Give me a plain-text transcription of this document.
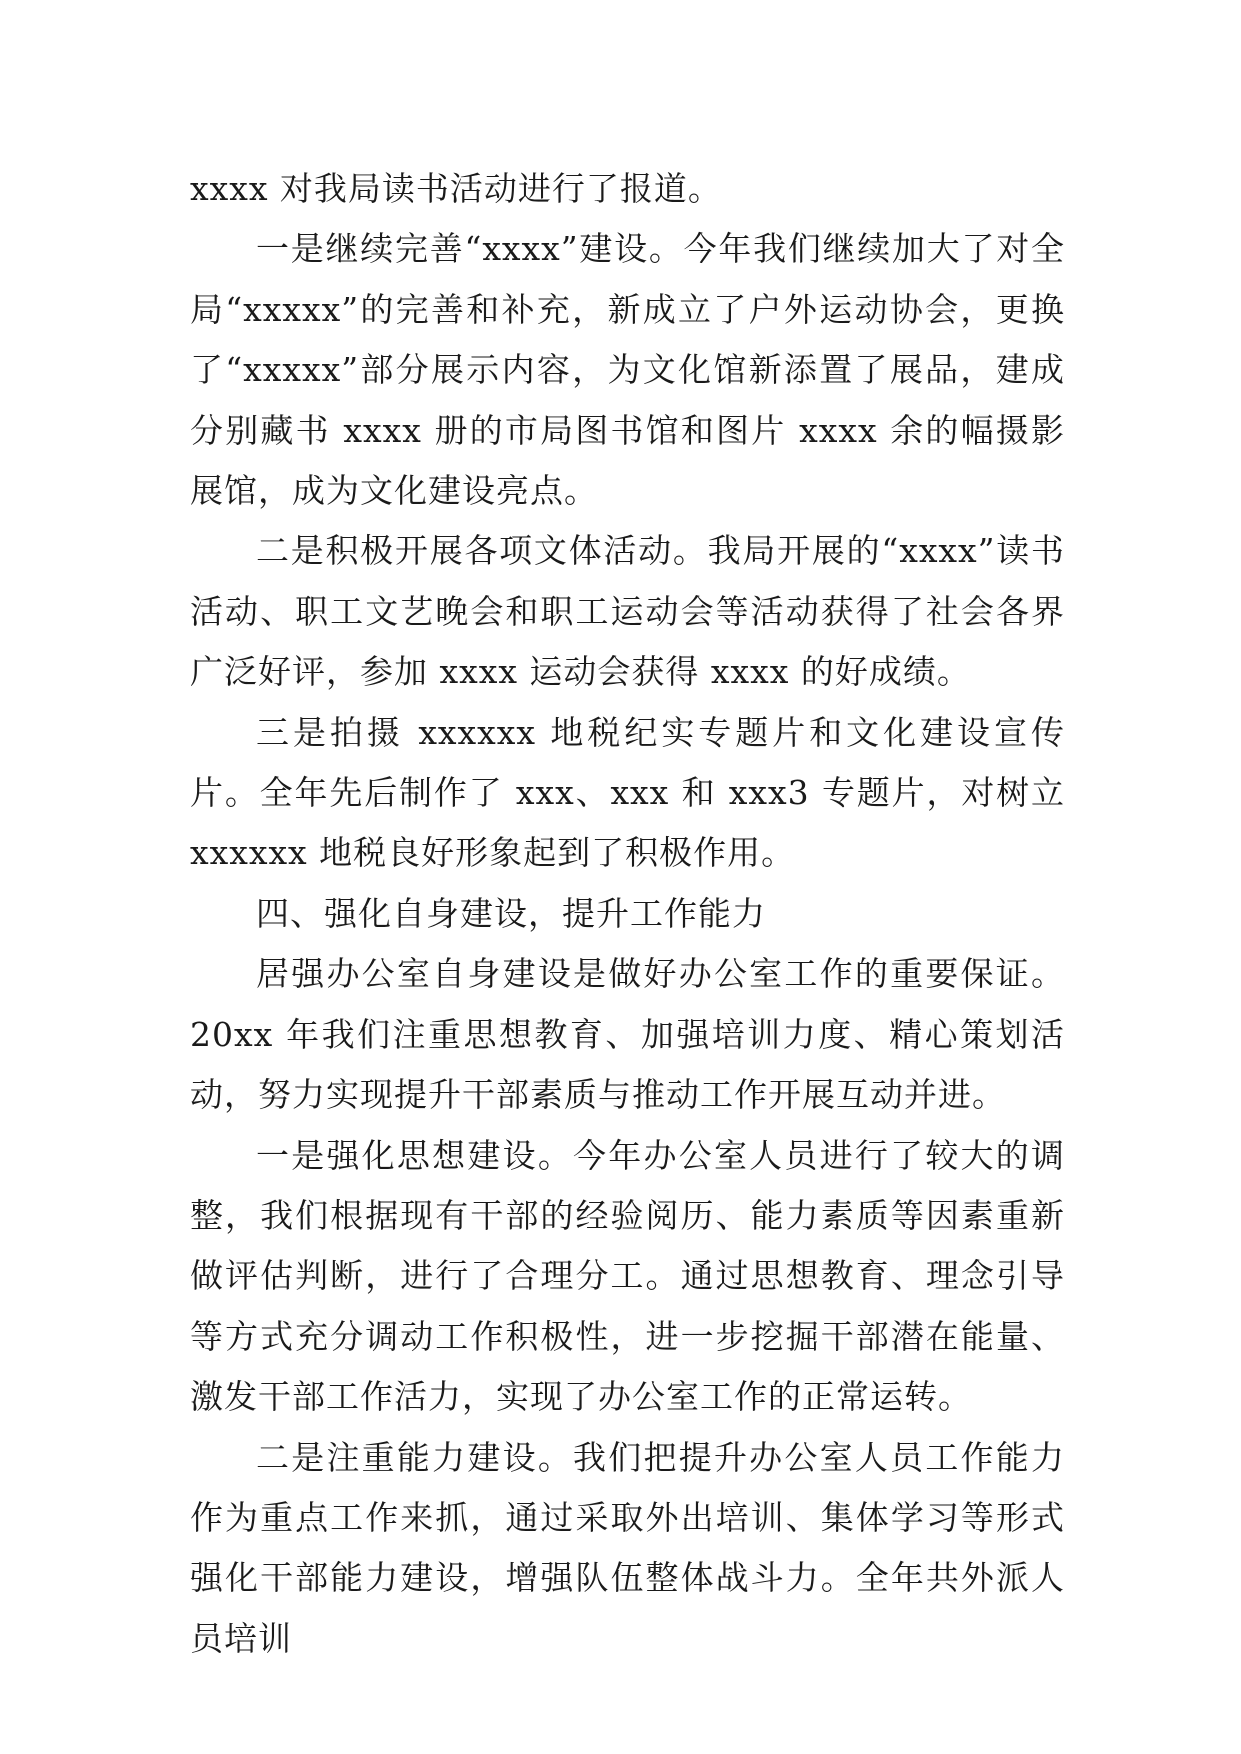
xxxx 对我局读书活动进行了报道。

一是继续完善“xxxx”建设。今年我们继续加大了对全局“xxxxx”的完善和补充，新成立了户外运动协会，更换了“xxxxx”部分展示内容，为文化馆新添置了展品，建成分别藏书 xxxx 册的市局图书馆和图片 xxxx 余的幅摄影展馆，成为文化建设亮点。

二是积极开展各项文体活动。我局开展的“xxxx”读书活动、职工文艺晚会和职工运动会等活动获得了社会各界广泛好评，参加 xxxx 运动会获得 xxxx 的好成绩。

三是拍摄 xxxxxx 地税纪实专题片和文化建设宣传片。全年先后制作了 xxx、xxx 和 xxx3 专题片，对树立 xxxxxx 地税良好形象起到了积极作用。

四、强化自身建设，提升工作能力

居强办公室自身建设是做好办公室工作的重要保证。20xx 年我们注重思想教育、加强培训力度、精心策划活动，努力实现提升干部素质与推动工作开展互动并进。

一是强化思想建设。今年办公室人员进行了较大的调整，我们根据现有干部的经验阅历、能力素质等因素重新做评估判断，进行了合理分工。通过思想教育、理念引导等方式充分调动工作积极性，进一步挖掘干部潜在能量、激发干部工作活力，实现了办公室工作的正常运转。

二是注重能力建设。我们把提升办公室人员工作能力作为重点工作来抓，通过采取外出培训、集体学习等形式强化干部能力建设，增强队伍整体战斗力。全年共外派人员培训
